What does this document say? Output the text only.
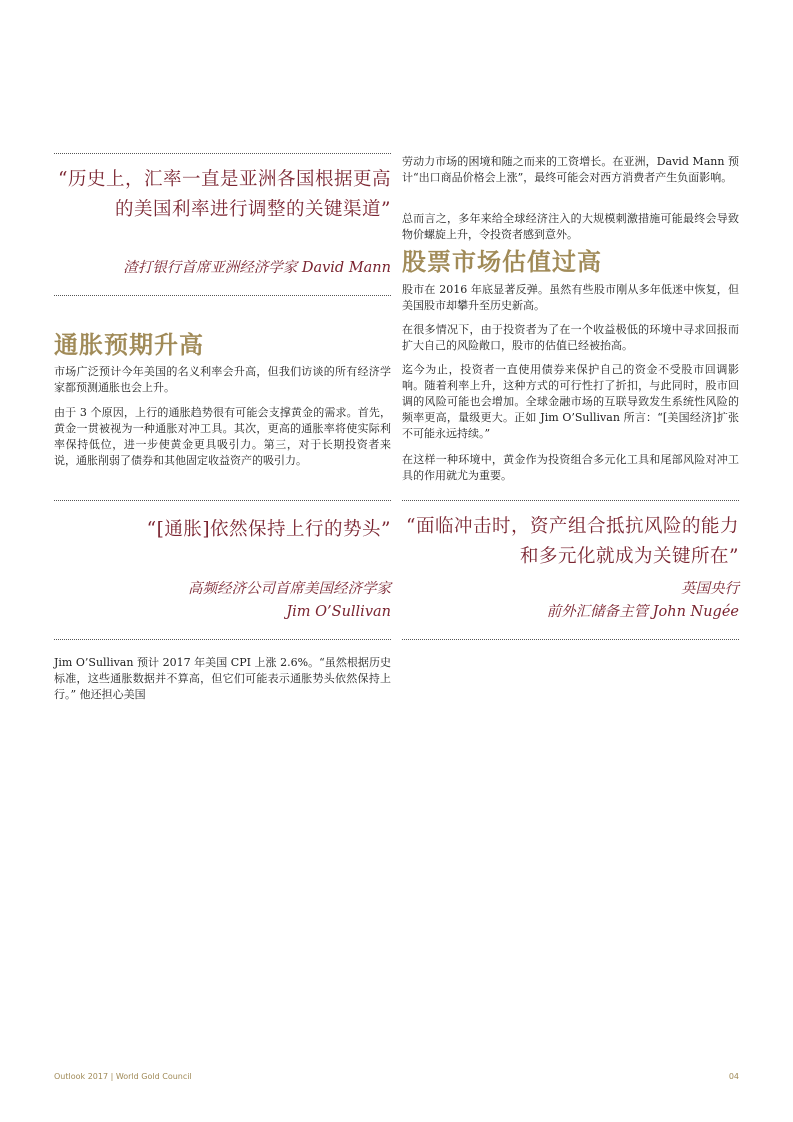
“历史上，汇率一直是亚洲各国根据更高的美国利率进行调整的关键渠道”
渣打银行首席亚洲经济学家 David Mann
通胀预期升高
市场广泛预计今年美国的名义利率会升高，但我们访谈的所有经济学家都预测通胀也会上升。
由于 3 个原因，上行的通胀趋势很有可能会支撑黄金的需求。首先，黄金一贯被视为一种通胀对冲工具。其次，更高的通胀率将使实际利率保持低位，进一步使黄金更具吸引力。第三，对于长期投资者来说，通胀削弱了债券和其他固定收益资产的吸引力。
“[通胀]依然保持上行的势头”
高频经济公司首席美国经济学家
Jim O’Sullivan
Jim O’Sullivan 预计 2017 年美国 CPI 上涨 2.6%。“虽然根据历史标准，这些通胀数据并不算高，但它们可能表示通胀势头依然保持上行。” 他还担心美国
劳动力市场的困境和随之而来的工资增长。在亚洲，David Mann 预计“出口商品价格会上涨”，最终可能会对西方消费者产生负面影响。
总而言之，多年来给全球经济注入的大规模刺激措施可能最终会导致物价螺旋上升，令投资者感到意外。
股票市场估值过高
股市在 2016 年底显著反弹。虽然有些股市刚从多年低迷中恢复，但美国股市却攀升至历史新高。
在很多情况下，由于投资者为了在一个收益极低的环境中寻求回报而扩大自己的风险敞口，股市的估值已经被抬高。
迄今为止，投资者一直使用债券来保护自己的资金不受股市回调影响。随着利率上升，这种方式的可行性打了折扣，与此同时，股市回调的风险可能也会增加。全球金融市场的互联导致发生系统性风险的频率更高，量级更大。正如 Jim O’Sullivan 所言：“[美国经济]扩张不可能永远持续。”
在这样一种环境中，黄金作为投资组合多元化工具和尾部风险对冲工具的作用就尤为重要。
“面临冲击时，资产组合抵抗风险的能力和多元化就成为关键所在”
英国央行
前外汇储备主管 John Nugée
Outlook 2017 | World Gold Council	04
